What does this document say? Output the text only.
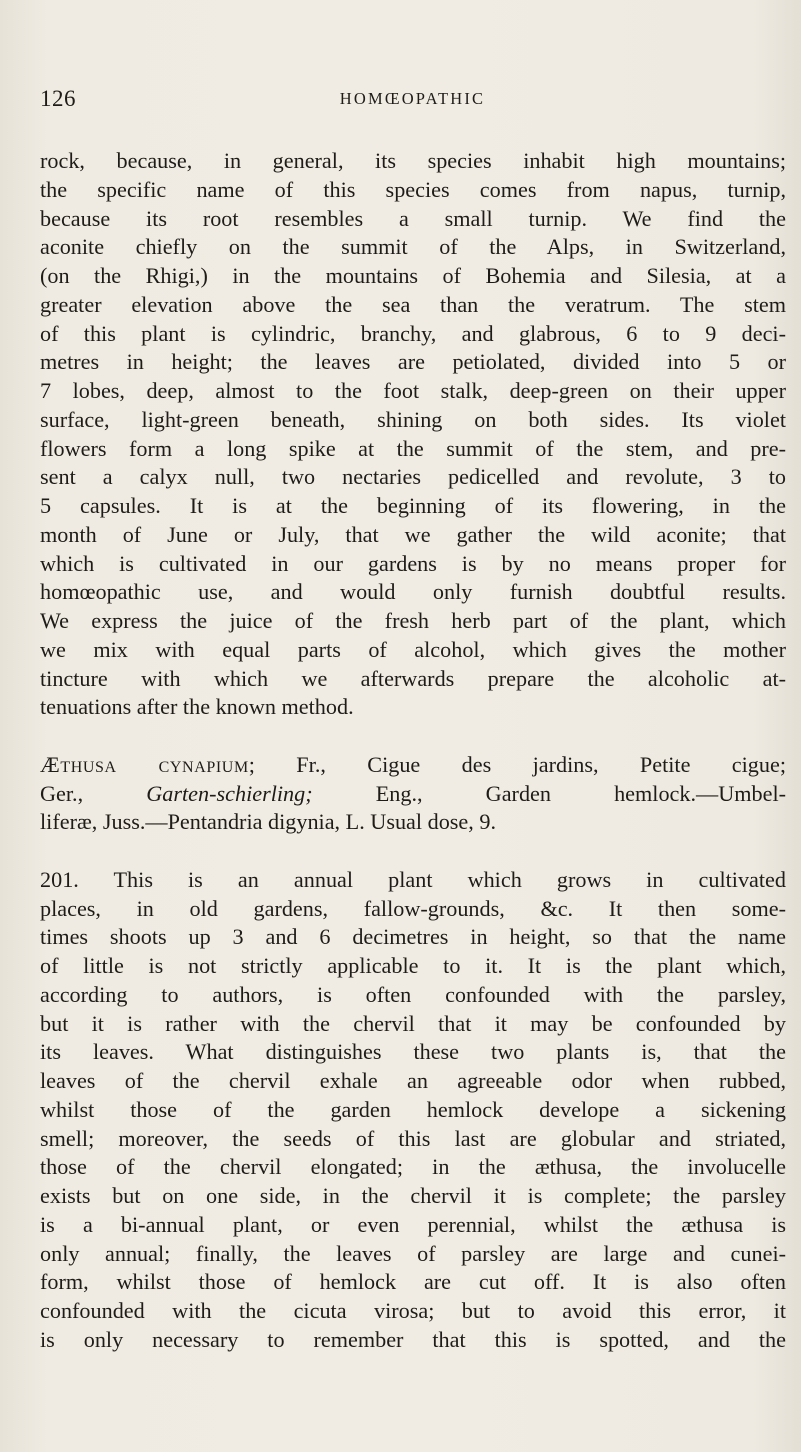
126	HOMŒOPATHIC
rock, because, in general, its species inhabit high mountains;
the specific name of this species comes from napus, turnip,
because its root resembles a small turnip. We find the
aconite chiefly on the summit of the Alps, in Switzerland,
(on the Rhigi,) in the mountains of Bohemia and Silesia, at a
greater elevation above the sea than the veratrum. The stem
of this plant is cylindric, branchy, and glabrous, 6 to 9 deci-
metres in height; the leaves are petiolated, divided into 5 or
7 lobes, deep, almost to the foot stalk, deep-green on their upper
surface, light-green beneath, shining on both sides. Its violet
flowers form a long spike at the summit of the stem, and pre-
sent a calyx null, two nectaries pedicelled and revolute, 3 to
5 capsules. It is at the beginning of its flowering, in the
month of June or July, that we gather the wild aconite; that
which is cultivated in our gardens is by no means proper for
homœopathic use, and would only furnish doubtful results.
We express the juice of the fresh herb part of the plant, which
we mix with equal parts of alcohol, which gives the mother
tincture with which we afterwards prepare the alcoholic at-
tenuations after the known method.
Æthusa cynapium; Fr., Cigue des jardins, Petite cigue;
Ger., Garten-schierling; Eng., Garden hemlock.—Umbel-
liferæ, Juss.—Pentandria digynia, L. Usual dose, 9.
201. This is an annual plant which grows in cultivated
places, in old gardens, fallow-grounds, &c. It then some-
times shoots up 3 and 6 decimetres in height, so that the name
of little is not strictly applicable to it. It is the plant which,
according to authors, is often confounded with the parsley,
but it is rather with the chervil that it may be confounded by
its leaves. What distinguishes these two plants is, that the
leaves of the chervil exhale an agreeable odor when rubbed,
whilst those of the garden hemlock develope a sickening
smell; moreover, the seeds of this last are globular and striated,
those of the chervil elongated; in the æthusa, the involucelle
exists but on one side, in the chervil it is complete; the parsley
is a bi-annual plant, or even perennial, whilst the æthusa is
only annual; finally, the leaves of parsley are large and cunei-
form, whilst those of hemlock are cut off. It is also often
confounded with the cicuta virosa; but to avoid this error, it
is only necessary to remember that this is spotted, and the
